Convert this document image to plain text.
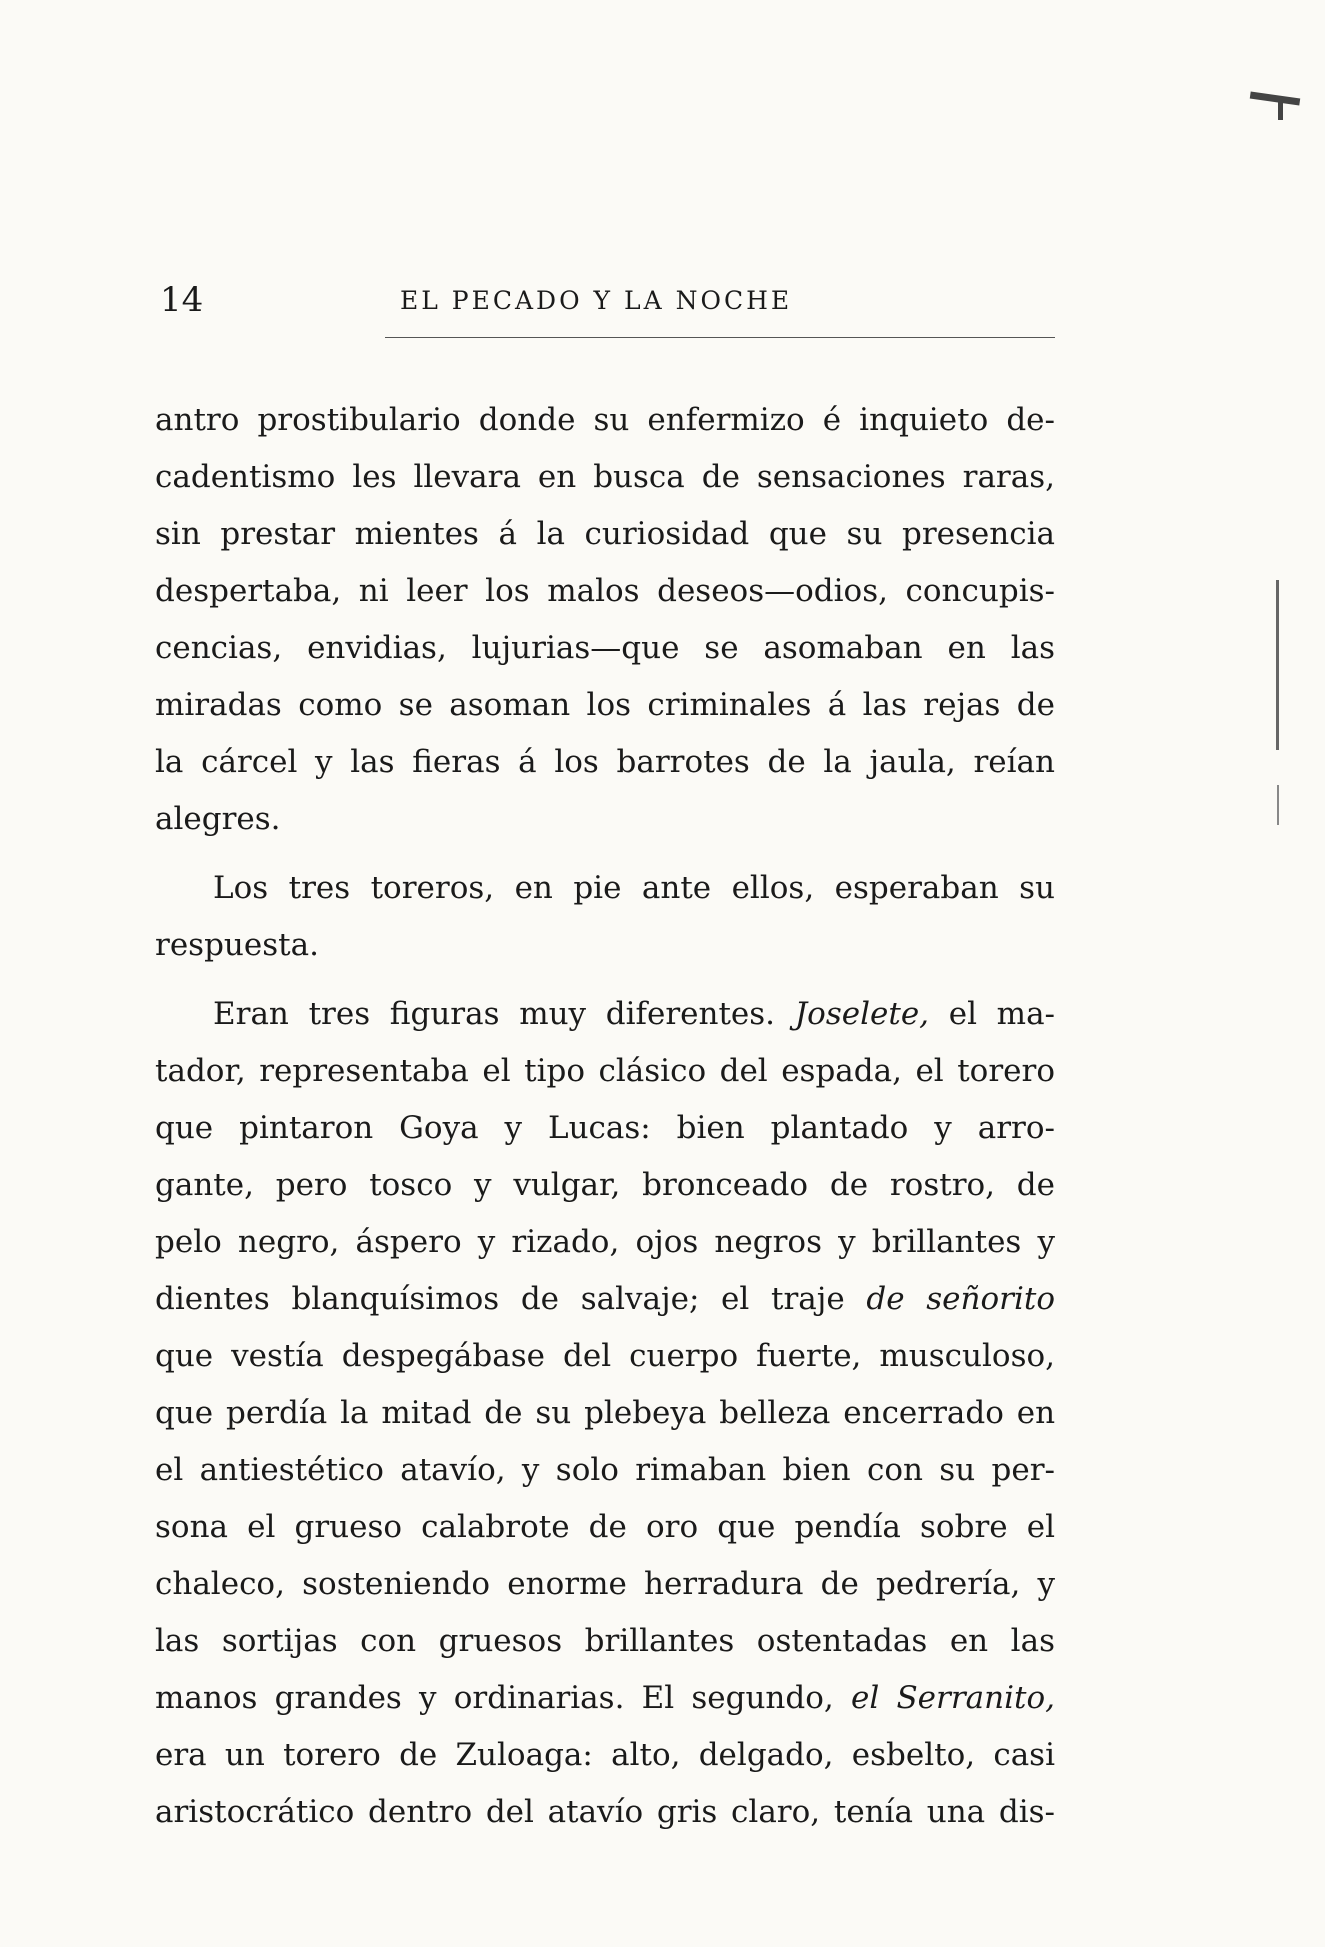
14	EL PECADO Y LA NOCHE
antro prostibulario donde su enfermizo é inquieto de-
cadentismo les llevara en busca de sensaciones raras,
sin prestar mientes á la curiosidad que su presencia
despertaba, ni leer los malos deseos—odios, concupis-
cencias, envidias, lujurias—que se asomaban en las
miradas como se asoman los criminales á las rejas de
la cárcel y las fieras á los barrotes de la jaula, reían
alegres.
Los tres toreros, en pie ante ellos, esperaban su
respuesta.
Eran tres figuras muy diferentes. Joselete, el ma-
tador, representaba el tipo clásico del espada, el torero
que pintaron Goya y Lucas: bien plantado y arro-
gante, pero tosco y vulgar, bronceado de rostro, de
pelo negro, áspero y rizado, ojos negros y brillantes y
dientes blanquísimos de salvaje; el traje de señorito
que vestía despegábase del cuerpo fuerte, musculoso,
que perdía la mitad de su plebeya belleza encerrado en
el antiestético atavío, y solo rimaban bien con su per-
sona el grueso calabrote de oro que pendía sobre el
chaleco, sosteniendo enorme herradura de pedrería, y
las sortijas con gruesos brillantes ostentadas en las
manos grandes y ordinarias. El segundo, el Serranito,
era un torero de Zuloaga: alto, delgado, esbelto, casi
aristocrático dentro del atavío gris claro, tenía una dis-
